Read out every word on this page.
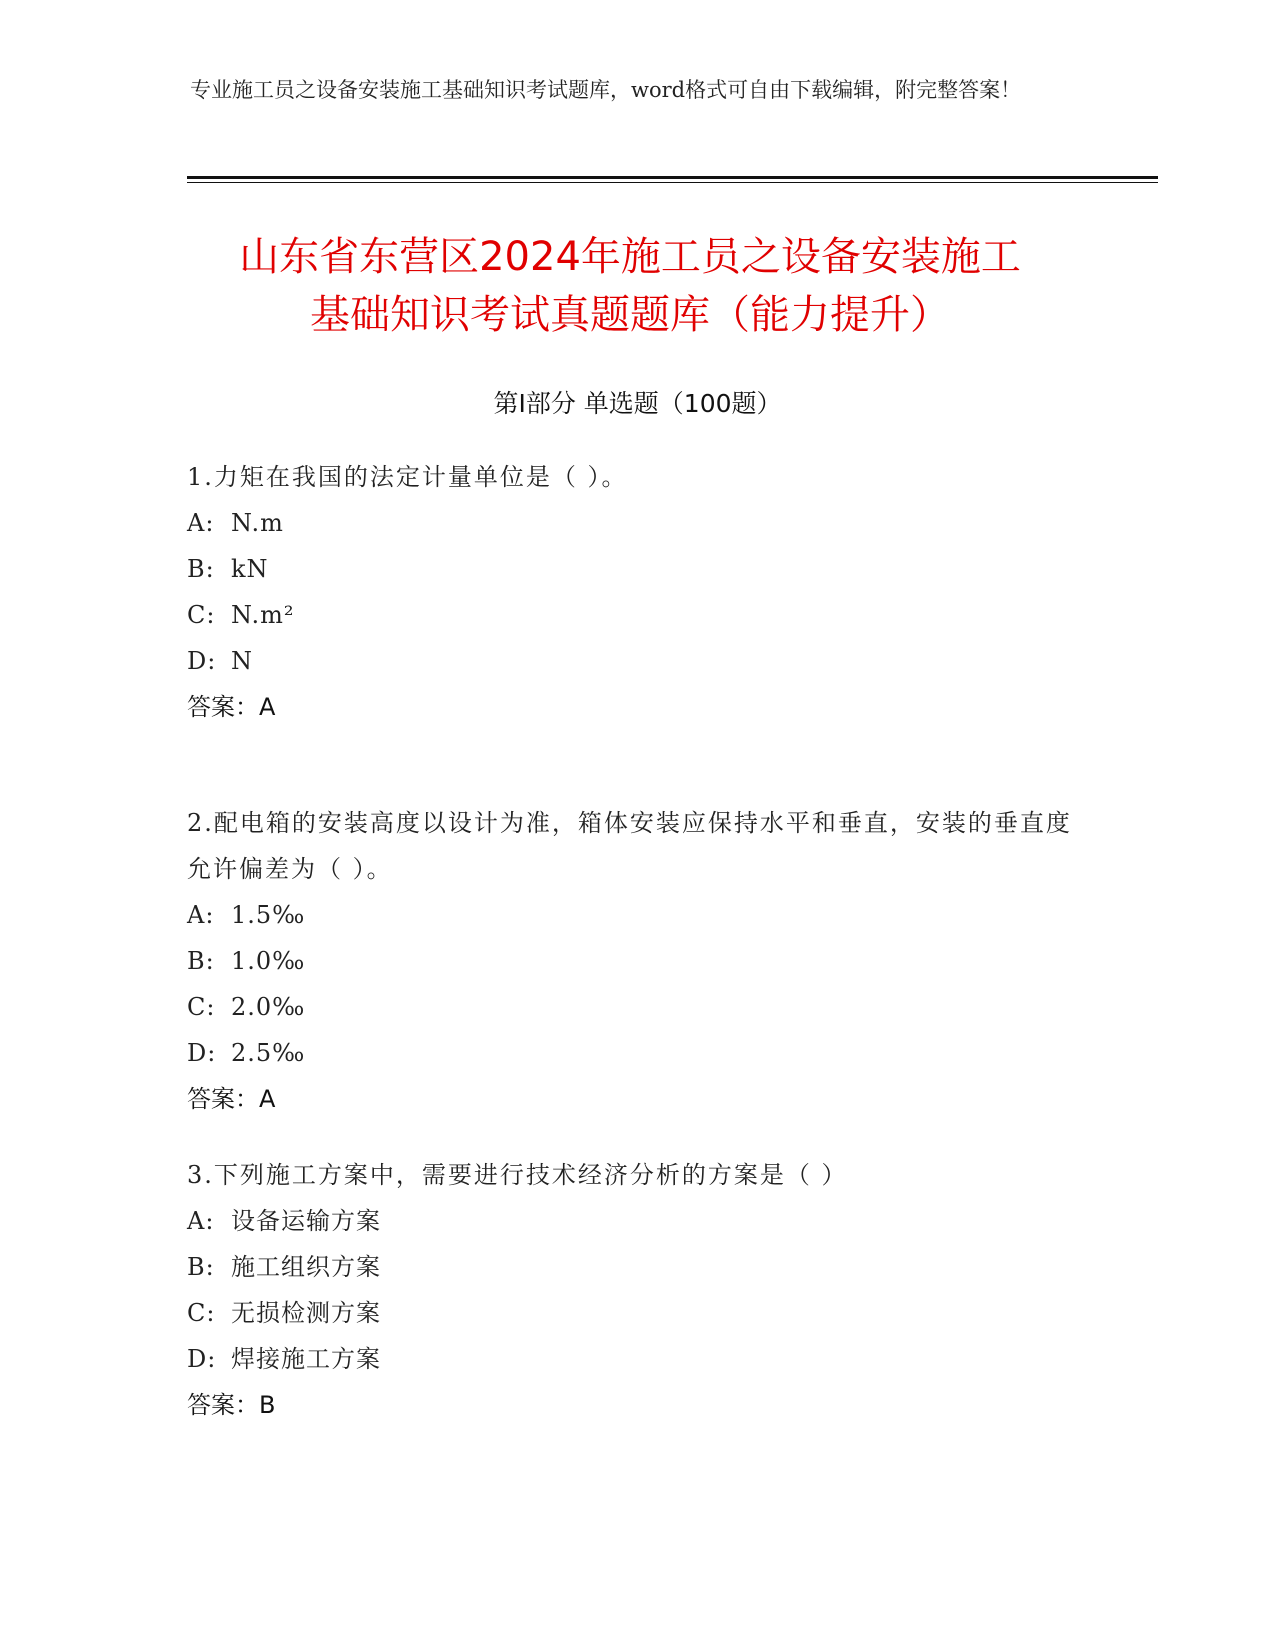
专业施工员之设备安装施工基础知识考试题库，word格式可自由下载编辑，附完整答案！

山东省东营区2024年施工员之设备安装施工
基础知识考试真题题库（能力提升）
第Ⅰ部分 单选题（100题）

1.力矩在我国的法定计量单位是（ ）。

A: N.m

B: kN

C: N.m²

D: N

答案：A

2.配电箱的安装高度以设计为准，箱体安装应保持水平和垂直，安装的垂直度允许偏差为（ ）。

A: 1.5‰

B: 1.0‰

C: 2.0‰

D: 2.5‰

答案：A

3.下列施工方案中，需要进行技术经济分析的方案是（ ）

A: 设备运输方案

B: 施工组织方案

C: 无损检测方案

D: 焊接施工方案

答案：B
